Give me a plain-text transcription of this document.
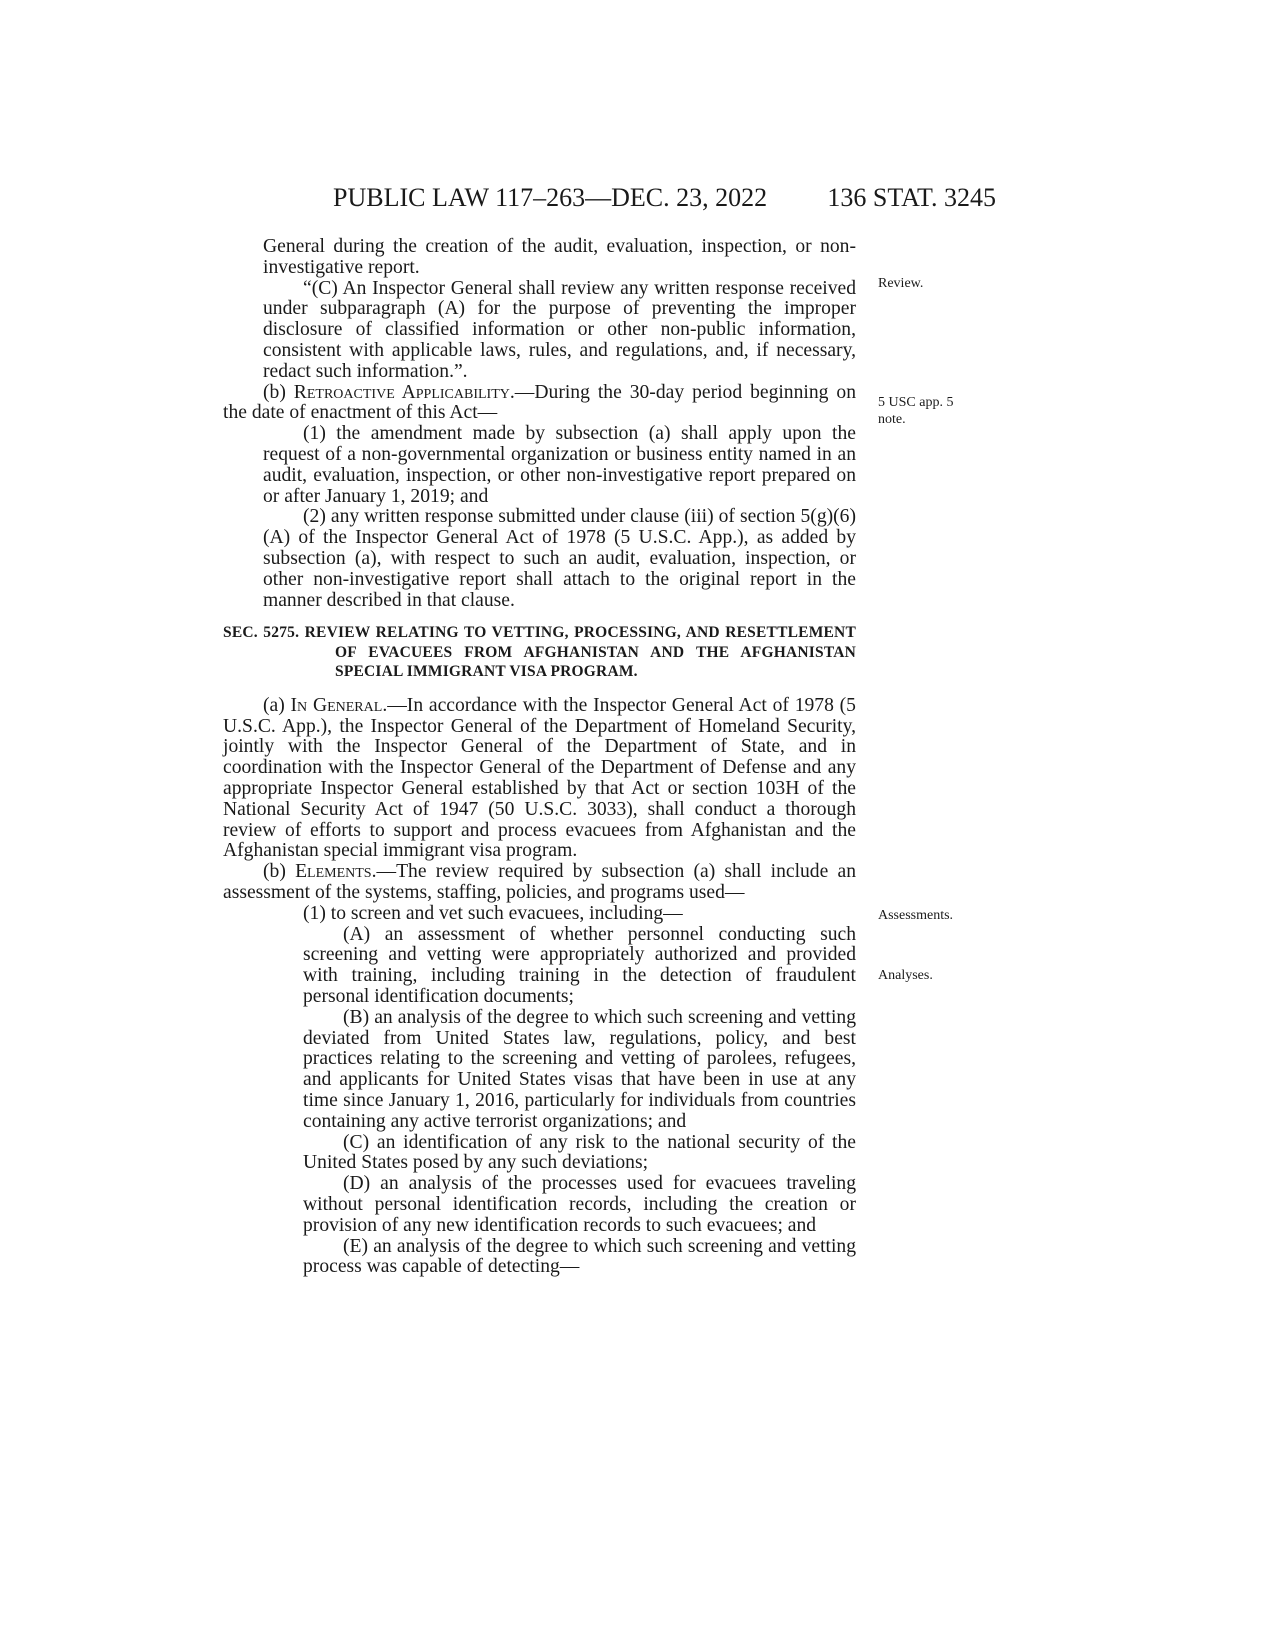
PUBLIC LAW 117–263—DEC. 23, 2022 136 STAT. 3245
Review.
5 USC app. 5
note.
Assessments.
Analyses.

General during the creation of the audit, evaluation, inspection, or non-investigative report.

“(C) An Inspector General shall review any written response received under subparagraph (A) for the purpose of preventing the improper disclosure of classified information or other non-public information, consistent with applicable laws, rules, and regulations, and, if necessary, redact such information.”.

(b) Retroactive Applicability.—During the 30-day period beginning on the date of enactment of this Act—

(1) the amendment made by subsection (a) shall apply upon the request of a non-governmental organization or business entity named in an audit, evaluation, inspection, or other non-investigative report prepared on or after January 1, 2019; and

(2) any written response submitted under clause (iii) of section 5(g)(6)(A) of the Inspector General Act of 1978 (5 U.S.C. App.), as added by subsection (a), with respect to such an audit, evaluation, inspection, or other non-investigative report shall attach to the original report in the manner described in that clause.

SEC. 5275. REVIEW RELATING TO VETTING, PROCESSING, AND RESETTLEMENT OF EVACUEES FROM AFGHANISTAN AND THE AFGHANISTAN SPECIAL IMMIGRANT VISA PROGRAM.

(a) In General.—In accordance with the Inspector General Act of 1978 (5 U.S.C. App.), the Inspector General of the Department of Homeland Security, jointly with the Inspector General of the Department of State, and in coordination with the Inspector General of the Department of Defense and any appropriate Inspector General established by that Act or section 103H of the National Security Act of 1947 (50 U.S.C. 3033), shall conduct a thorough review of efforts to support and process evacuees from Afghanistan and the Afghanistan special immigrant visa program.

(b) Elements.—The review required by subsection (a) shall include an assessment of the systems, staffing, policies, and programs used—

(1) to screen and vet such evacuees, including—

(A) an assessment of whether personnel conducting such screening and vetting were appropriately authorized and provided with training, including training in the detection of fraudulent personal identification documents;

(B) an analysis of the degree to which such screening and vetting deviated from United States law, regulations, policy, and best practices relating to the screening and vetting of parolees, refugees, and applicants for United States visas that have been in use at any time since January 1, 2016, particularly for individuals from countries containing any active terrorist organizations; and

(C) an identification of any risk to the national security of the United States posed by any such deviations;

(D) an analysis of the processes used for evacuees traveling without personal identification records, including the creation or provision of any new identification records to such evacuees; and

(E) an analysis of the degree to which such screening and vetting process was capable of detecting—
